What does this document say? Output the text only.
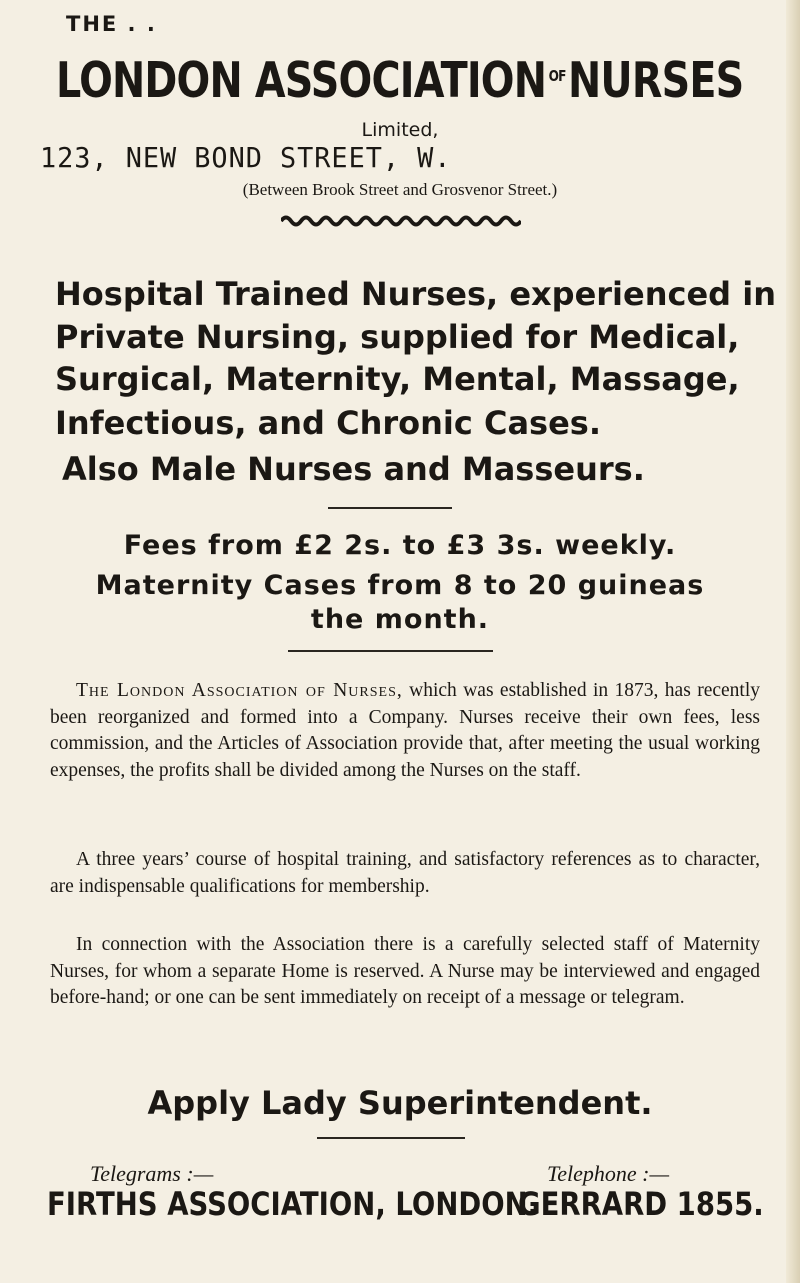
THE . .
LONDON ASSOCIATION OFNURSES
Limited,
123, NEW BOND STREET, W.
(Between Brook Street and Grosvenor Street.)
Hospital Trained Nurses, experienced in
Private Nursing, supplied for Medical,
Surgical, Maternity, Mental, Massage,
Infectious, and Chronic Cases.
Also Male Nurses and Masseurs.
Fees from £2 2s. to £3 3s. weekly.
Maternity Cases from 8 to 20 guineas
the month.

The London Association of Nurses, which was established in 1873, has recently been reorganized and formed into a Company. Nurses receive their own fees, less commission, and the Articles of Association provide that, after meeting the usual working expenses, the profits shall be divided among the Nurses on the staff.

A three years’ course of hospital training, and satisfactory references as to character, are indispensable qualifications for membership.

In connection with the Association there is a carefully selected staff of Maternity Nurses, for whom a separate Home is reserved. A Nurse may be interviewed and engaged before-hand; or one can be sent immediately on receipt of a message or telegram.

Apply Lady Superintendent.
Telegrams :—
FIRTHS ASSOCIATION, LONDON.
Telephone :—
GERRARD 1855.
